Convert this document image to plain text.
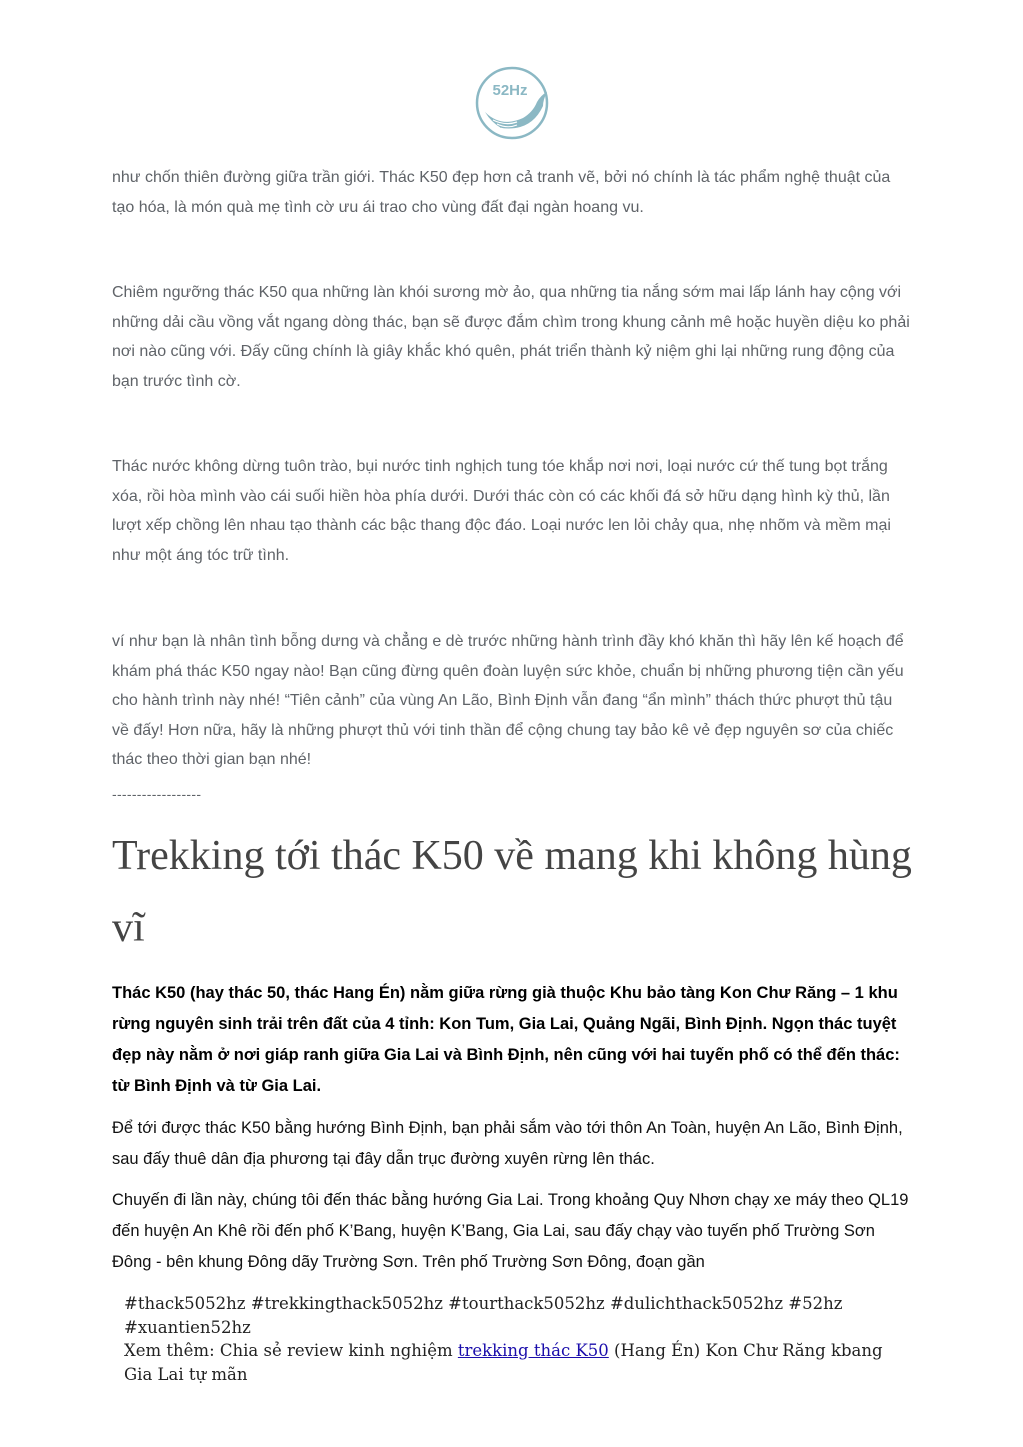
52Hz

như chốn thiên đường giữa trần giới. Thác K50 đẹp hơn cả tranh vẽ, bởi nó chính là tác phẩm nghệ thuật của tạo hóa, là món quà mẹ tình cờ ưu ái trao cho vùng đất đại ngàn hoang vu.

Chiêm ngưỡng thác K50 qua những làn khói sương mờ ảo, qua những tia nắng sớm mai lấp lánh hay cộng với những dải cầu vồng vắt ngang dòng thác, bạn sẽ được đắm chìm trong khung cảnh mê hoặc huyền diệu ko phải nơi nào cũng với. Đấy cũng chính là giây khắc khó quên, phát triển thành kỷ niệm ghi lại những rung động của bạn trước tình cờ.

Thác nước không dừng tuôn trào, bụi nước tinh nghịch tung tóe khắp nơi nơi, loại nước cứ thế tung bọt trắng xóa, rồi hòa mình vào cái suối hiền hòa phía dưới. Dưới thác còn có các khối đá sở hữu dạng hình kỳ thủ, lần lượt xếp chồng lên nhau tạo thành các bậc thang độc đáo. Loại nước len lỏi chảy qua, nhẹ nhõm và mềm mại như một áng tóc trữ tình.

ví như bạn là nhân tình bỗng dưng và chẳng e dè trước những hành trình đầy khó khăn thì hãy lên kế hoạch để khám phá thác K50 ngay nào! Bạn cũng đừng quên đoàn luyện sức khỏe, chuẩn bị những phương tiện cần yếu cho hành trình này nhé! “Tiên cảnh” của vùng An Lão, Bình Định vẫn đang “ẩn mình” thách thức phượt thủ tậu về đấy! Hơn nữa, hãy là những phượt thủ với tinh thần để cộng chung tay bảo kê vẻ đẹp nguyên sơ của chiếc thác theo thời gian bạn nhé!

------------------
Trekking tới thác K50 về mang khi không hùng vĩ

Thác K50 (hay thác 50, thác Hang Én) nằm giữa rừng già thuộc Khu bảo tàng Kon Chư Răng – 1 khu rừng nguyên sinh trải trên đất của 4 tỉnh: Kon Tum, Gia Lai, Quảng Ngãi, Bình Định. Ngọn thác tuyệt đẹp này nằm ở nơi giáp ranh giữa Gia Lai và Bình Định, nên cũng với hai tuyến phố có thể đến thác: từ Bình Định và từ Gia Lai.

Để tới được thác K50 bằng hướng Bình Định, bạn phải sắm vào tới thôn An Toàn, huyện An Lão, Bình Định, sau đấy thuê dân địa phương tại đây dẫn trục đường xuyên rừng lên thác.

Chuyến đi lần này, chúng tôi đến thác bằng hướng Gia Lai. Trong khoảng Quy Nhơn chạy xe máy theo QL19 đến huyện An Khê rồi đến phố K’Bang, huyện K’Bang, Gia Lai, sau đấy chạy vào tuyến phố Trường Sơn Đông - bên khung Đông dãy Trường Sơn. Trên phố Trường Sơn Đông, đoạn gần

#thack5052hz #trekkingthack5052hz #tourthack5052hz #dulichthack5052hz #52hz #xuantien52hz
Xem thêm: Chia sẻ review kinh nghiệm trekking thác K50 (Hang Én) Kon Chư Răng kbang Gia Lai tự mãn
